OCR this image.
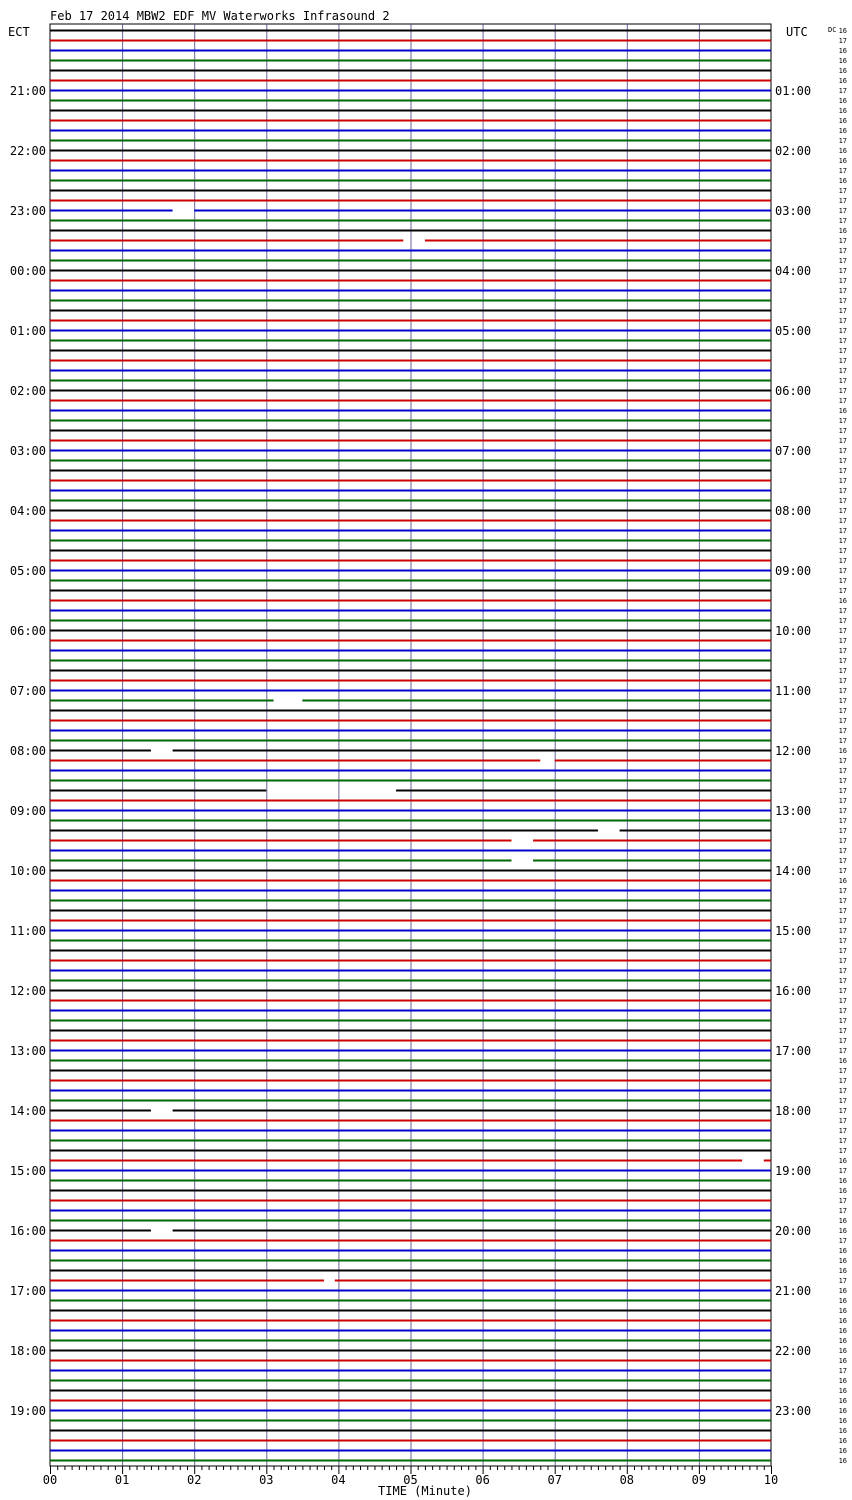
Feb 17 2014 MBW2 EDF MV Waterworks Infrasound 2
ECT	UTC	DC
21:00
22:00
23:00
00:00
01:00
02:00
03:00
04:00
05:00
06:00
07:00
08:00
09:00
10:00
11:00
12:00
13:00
14:00
15:00
16:00
17:00
18:00
19:00
01:00
02:00
03:00
04:00
05:00
06:00
07:00
08:00
09:00
10:00
11:00
12:00
13:00
14:00
15:00
16:00
17:00
18:00
19:00
20:00
21:00
22:00
23:00
16
17
16
16
16
16
17
16
16
16
16
17
16
16
17
16
17
17
17
17
16
17
17
17
17
17
17
17
17
17
17
17
17
17
17
17
17
17
16
17
17
17
17
17
17
17
17
17
17
17
17
17
17
17
17
17
17
16
17
17
17
17
17
17
17
17
17
17
17
17
17
17
16
17
17
17
17
17
17
17
17
17
17
17
17
16
17
17
17
17
17
17
17
17
17
17
17
17
17
17
17
17
17
16
17
17
17
17
17
17
17
17
17
16
17
16
16
17
17
16
16
17
16
16
16
17
16
16
16
16
16
16
16
16
17
16
16
16
16
16
16
16
16
16
00	01	02	03	04	05	06	07	08	09	10
TIME (Minute)
